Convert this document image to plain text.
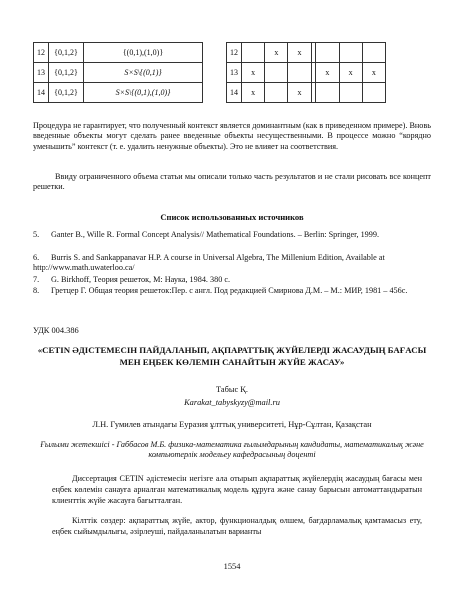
12	{0,1,2}	{(0,1),(1,0)}
13	{0,1,2}	S×S\{(0,1)}
14	{0,1,2}	S×S\{(0,1),(1,0)}
12		x	x				
13	x				x	x	x
14	x		x				
Процедура не гарантирует, что полученный контекст является доминантным (как в приведенном примере). Вновь введенные объекты могут сделать ранее введенные объекты несущественными. В процессе можно “корядно уменьшить” контекст (т. е. удалить ненужные объекты). Это не влияет на соответствия.
Ввиду ограниченного объема статьи мы описали только часть результатов и не стали рисовать все концепт решетки.
Список использованных источников
5. Ganter B., Wille R. Formal Concept Analysis// Mathematical Foundations. – Berlin: Springer, 1999.
6. Burris S. and Sankappanavar H.P. A course in Universal Algebra, The Millenium Edition, Available at http://www.math.uwaterloo.ca/
7. G. Birkhoff, Теория решеток, М: Наука, 1984. 380 с.
8. Гретцер Г. Общая теория решеток:Пер. с англ. Под редакцией Смирнова Д.М. – М.: МИР, 1981 – 456с.
УДК 004.386
«CETIN ӘДІСТЕМЕСІН ПАЙДАЛАНЫП, АҚПАРАТТЫҚ ЖҮЙЕЛЕРДІ ЖАСАУДЫҢ БАҒАСЫ МЕН ЕҢБЕК КӨЛЕМІН САНАЙТЫН ЖҮЙЕ ЖАСАУ»
Табыс Қ.
Karakat_tabyskyzy@mail.ru
Л.Н. Гумилев атындағы Еуразия ұлттық университеті, Нұр-Сұлтан, Қазақстан
Ғылыми жетекшісі - Габбасов М.Б. физика-математика ғылымдарының кандидаты, математикалық және компьютерлік модельеу кафедрасының доценті
Диссертация CETIN әдістемесін негізге ала отырып ақпараттық жүйелердің жасаудың бағасы мен еңбек көлемін санауға арналған математикалық модель құруға және санау барысын автоматтандыратын клиенттік жүйе жасауға бағытталған.
Кілттік сөздер: ақпараттық жүйе, актор, функционалдық өлшем, бағдарламалық қамтамасыз ету, еңбек сыйымдылығы, әзірлеушi, пайдаланылатын варианты
1554
